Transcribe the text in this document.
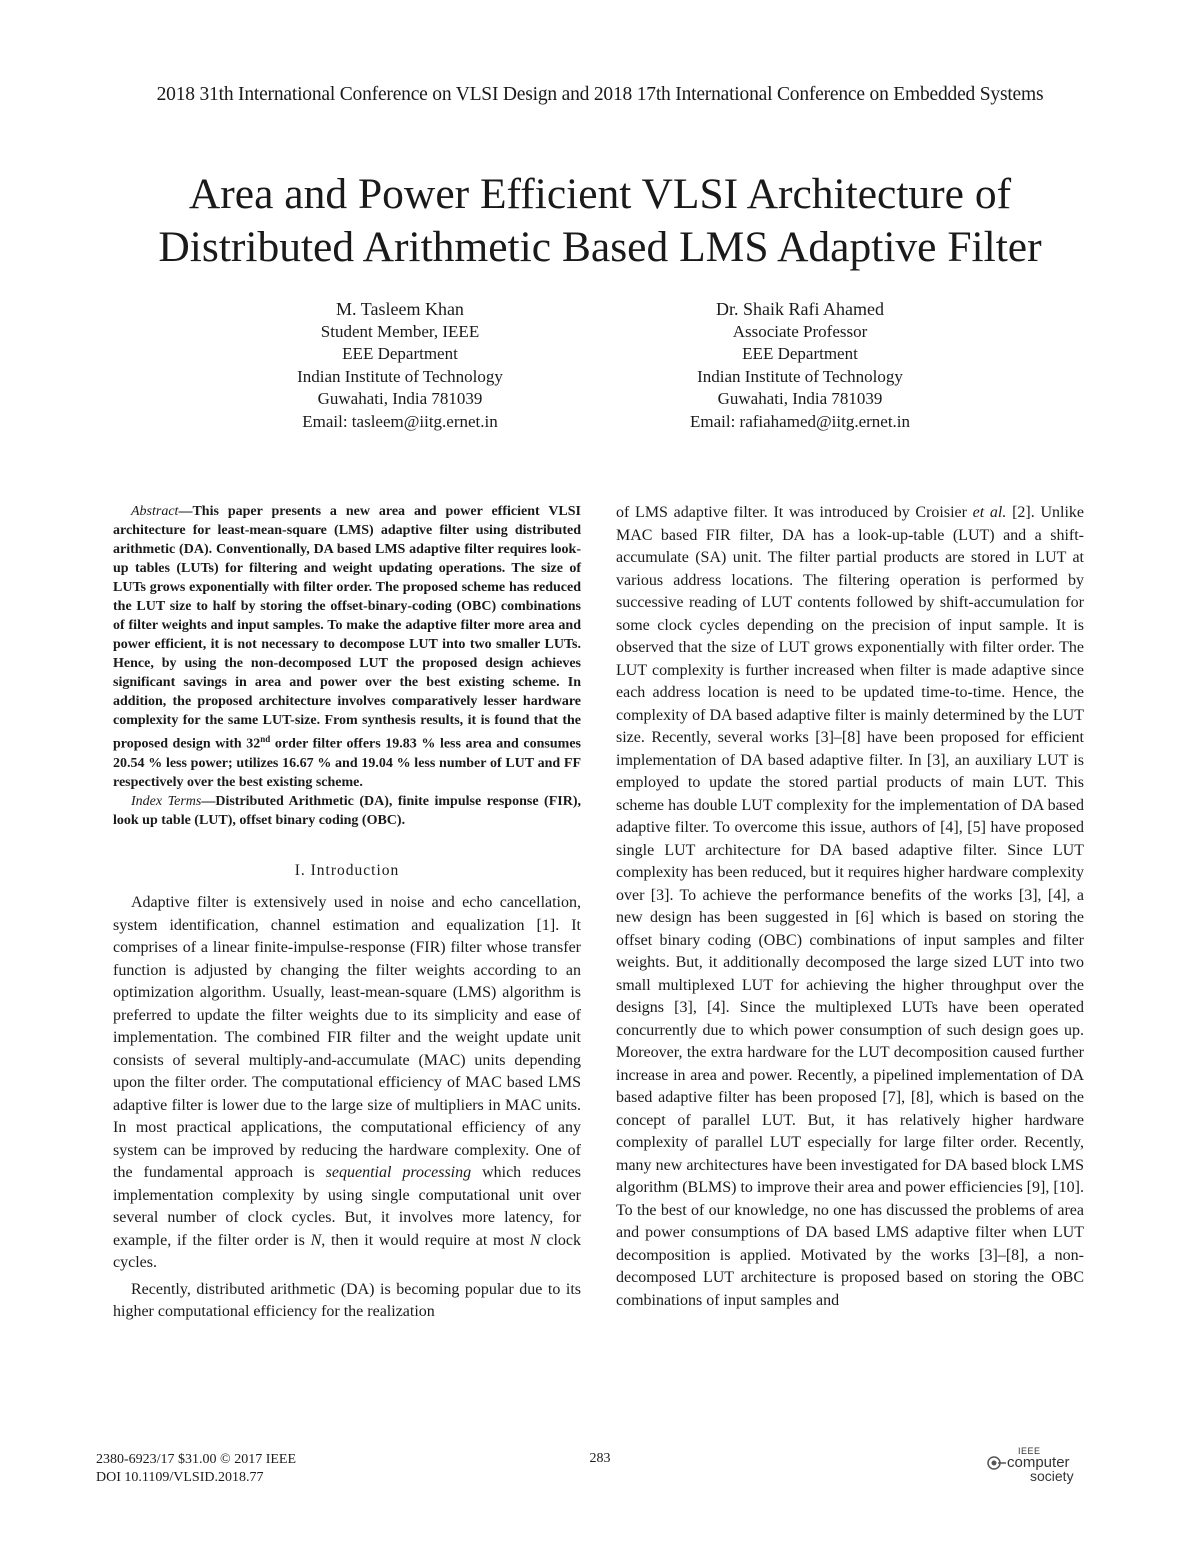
2018 31th International Conference on VLSI Design and 2018 17th International Conference on Embedded Systems
Area and Power Efficient VLSI Architecture of
Distributed Arithmetic Based LMS Adaptive Filter
M. Tasleem Khan
Student Member, IEEE
EEE Department
Indian Institute of Technology
Guwahati, India 781039
Email: tasleem@iitg.ernet.in
Dr. Shaik Rafi Ahamed
Associate Professor
EEE Department
Indian Institute of Technology
Guwahati, India 781039
Email: rafiahamed@iitg.ernet.in

Abstract—This paper presents a new area and power efficient VLSI architecture for least-mean-square (LMS) adaptive filter using distributed arithmetic (DA). Conventionally, DA based LMS adaptive filter requires look-up tables (LUTs) for filtering and weight updating operations. The size of LUTs grows exponentially with filter order. The proposed scheme has reduced the LUT size to half by storing the offset-binary-coding (OBC) combinations of filter weights and input samples. To make the adaptive filter more area and power efficient, it is not necessary to decompose LUT into two smaller LUTs. Hence, by using the non-decomposed LUT the proposed design achieves significant savings in area and power over the best existing scheme. In addition, the proposed architecture involves comparatively lesser hardware complexity for the same LUT-size. From synthesis results, it is found that the proposed design with 32nd order filter offers 19.83 % less area and consumes 20.54 % less power; utilizes 16.67 % and 19.04 % less number of LUT and FF respectively over the best existing scheme.

Index Terms—Distributed Arithmetic (DA), finite impulse response (FIR), look up table (LUT), offset binary coding (OBC).

I. Introduction

Adaptive filter is extensively used in noise and echo cancellation, system identification, channel estimation and equalization [1]. It comprises of a linear finite-impulse-response (FIR) filter whose transfer function is adjusted by changing the filter weights according to an optimization algorithm. Usually, least-mean-square (LMS) algorithm is preferred to update the filter weights due to its simplicity and ease of implementation. The combined FIR filter and the weight update unit consists of several multiply-and-accumulate (MAC) units depending upon the filter order. The computational efficiency of MAC based LMS adaptive filter is lower due to the large size of multipliers in MAC units. In most practical applications, the computational efficiency of any system can be improved by reducing the hardware complexity. One of the fundamental approach is sequential processing which reduces implementation complexity by using single computational unit over several number of clock cycles. But, it involves more latency, for example, if the filter order is N, then it would require at most N clock cycles.

Recently, distributed arithmetic (DA) is becoming popular due to its higher computational efficiency for the realization

of LMS adaptive filter. It was introduced by Croisier et al. [2]. Unlike MAC based FIR filter, DA has a look-up-table (LUT) and a shift-accumulate (SA) unit. The filter partial products are stored in LUT at various address locations. The filtering operation is performed by successive reading of LUT contents followed by shift-accumulation for some clock cycles depending on the precision of input sample. It is observed that the size of LUT grows exponentially with filter order. The LUT complexity is further increased when filter is made adaptive since each address location is need to be updated time-to-time. Hence, the complexity of DA based adaptive filter is mainly determined by the LUT size. Recently, several works [3]–[8] have been proposed for efficient implementation of DA based adaptive filter. In [3], an auxiliary LUT is employed to update the stored partial products of main LUT. This scheme has double LUT complexity for the implementation of DA based adaptive filter. To overcome this issue, authors of [4], [5] have proposed single LUT architecture for DA based adaptive filter. Since LUT complexity has been reduced, but it requires higher hardware complexity over [3]. To achieve the performance benefits of the works [3], [4], a new design has been suggested in [6] which is based on storing the offset binary coding (OBC) combinations of input samples and filter weights. But, it additionally decomposed the large sized LUT into two small multiplexed LUT for achieving the higher throughput over the designs [3], [4]. Since the multiplexed LUTs have been operated concurrently due to which power consumption of such design goes up. Moreover, the extra hardware for the LUT decomposition caused further increase in area and power. Recently, a pipelined implementation of DA based adaptive filter has been proposed [7], [8], which is based on the concept of parallel LUT. But, it has relatively higher hardware complexity of parallel LUT especially for large filter order. Recently, many new architectures have been investigated for DA based block LMS algorithm (BLMS) to improve their area and power efficiencies [9], [10]. To the best of our knowledge, no one has discussed the problems of area and power consumptions of DA based LMS adaptive filter when LUT decomposition is applied. Motivated by the works [3]–[8], a non-decomposed LUT architecture is proposed based on storing the OBC combinations of input samples and

2380-6923/17 $31.00 © 2017 IEEE
DOI 10.1109/VLSID.2018.77
283	IEEE
computer
society
